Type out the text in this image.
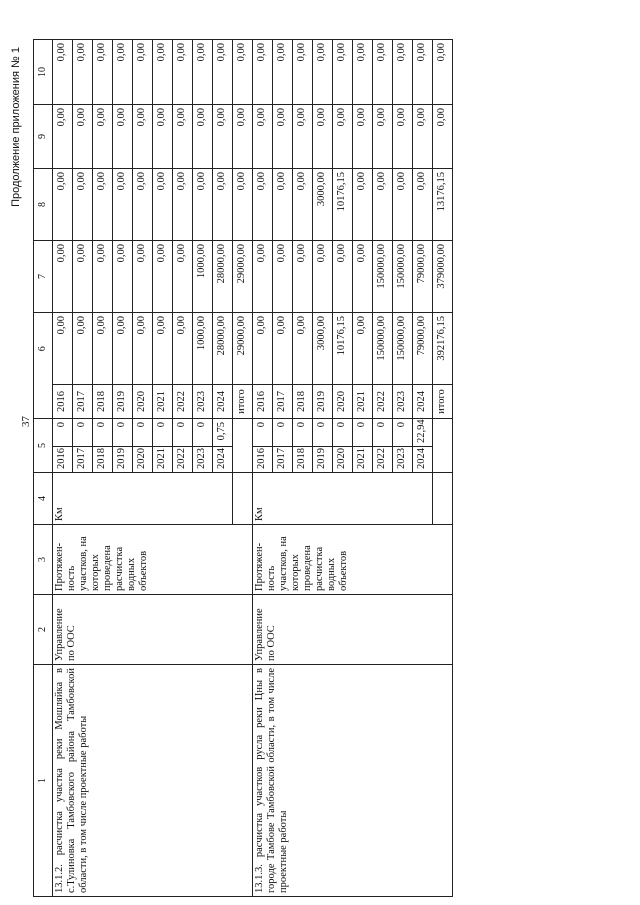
Продолжение приложения № 1
37
1	2	3	4	5			6	7	8	9	10
13.1.2. расчистка участка реки Мошляйка в с.Тулиновка Тамбовского района Тамбовской области, в том числе проектные работы	Управление по ООС	Протяжен-ность участков, на которых проведена расчистка водных объектов	Км	2016	0	2016	0,00	0,00	0,00	0,00	0,00
				2017	0	2017	0,00	0,00	0,00	0,00	0,00
				2018	0	2018	0,00	0,00	0,00	0,00	0,00
				2019	0	2019	0,00	0,00	0,00	0,00	0,00
				2020	0	2020	0,00	0,00	0,00	0,00	0,00
				2021	0	2021	0,00	0,00	0,00	0,00	0,00
				2022	0	2022	0,00	0,00	0,00	0,00	0,00
				2023	0	2023	1000,00	1000,00	0,00	0,00	0,00
				2024	0,75	2024	28000,00	28000,00	0,00	0,00	0,00
						итого	29000,00	29000,00	0,00	0,00	0,00
13.1.3. расчистка участков русла реки Цны в городе Тамбове Тамбовской области, в том числе проектные работы	Управление по ООС	Протяжен-ность участков, на которых проведена расчистка водных объектов	Км	2016	0	2016	0,00	0,00	0,00	0,00	0,00
				2017	0	2017	0,00	0,00	0,00	0,00	0,00
				2018	0	2018	0,00	0,00	0,00	0,00	0,00
				2019	0	2019	3000,00	0,00	3000,00	0,00	0,00
				2020	0	2020	10176,15	0,00	10176,15	0,00	0,00
				2021	0	2021	0,00	0,00	0,00	0,00	0,00
				2022	0	2022	150000,00	150000,00	0,00	0,00	0,00
				2023	0	2023	150000,00	150000,00	0,00	0,00	0,00
				2024	22,94	2024	79000,00	79000,00	0,00	0,00	0,00
						итого	392176,15	379000,00	13176,15	0,00	0,00
